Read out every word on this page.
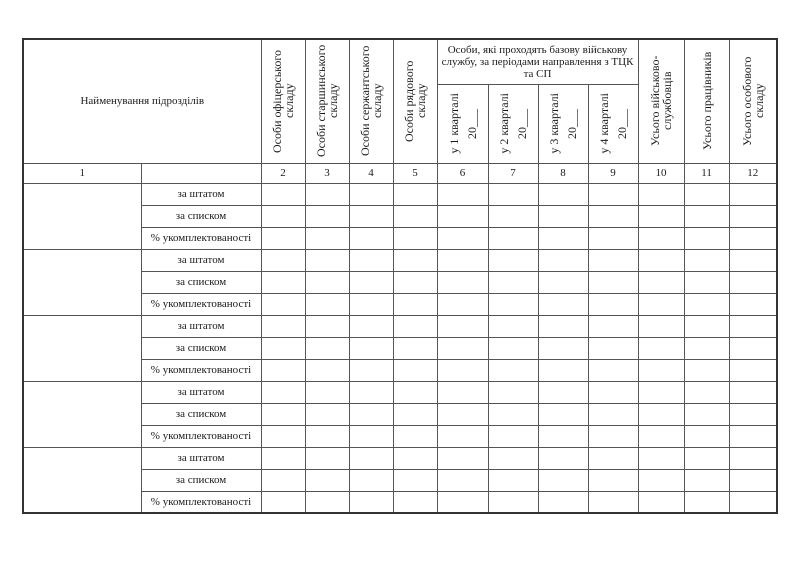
Найменування підрозділів		Особи офіцерського складу	Особи старшинського складу	Особи сержантського складу	Особи рядового складу	Особи, які проходять базову військову службу, за періодами направлення з ТЦК та СП				Усього військово-службовців	Усього працівників	Усього особового складу

						у 1 кварталі 20___	у 2 кварталі 20___	у 3 кварталі 20___	у 4 кварталі 20___			

1		2	3	4	5	6	7	8	9	10	11	12
	за штатом											
	за списком											
	% укомплектованості											
	за штатом											
	за списком											
	% укомплектованості											
	за штатом											
	за списком											
	% укомплектованості											
	за штатом											
	за списком											
	% укомплектованості											
	за штатом											
	за списком											
	% укомплектованості											
